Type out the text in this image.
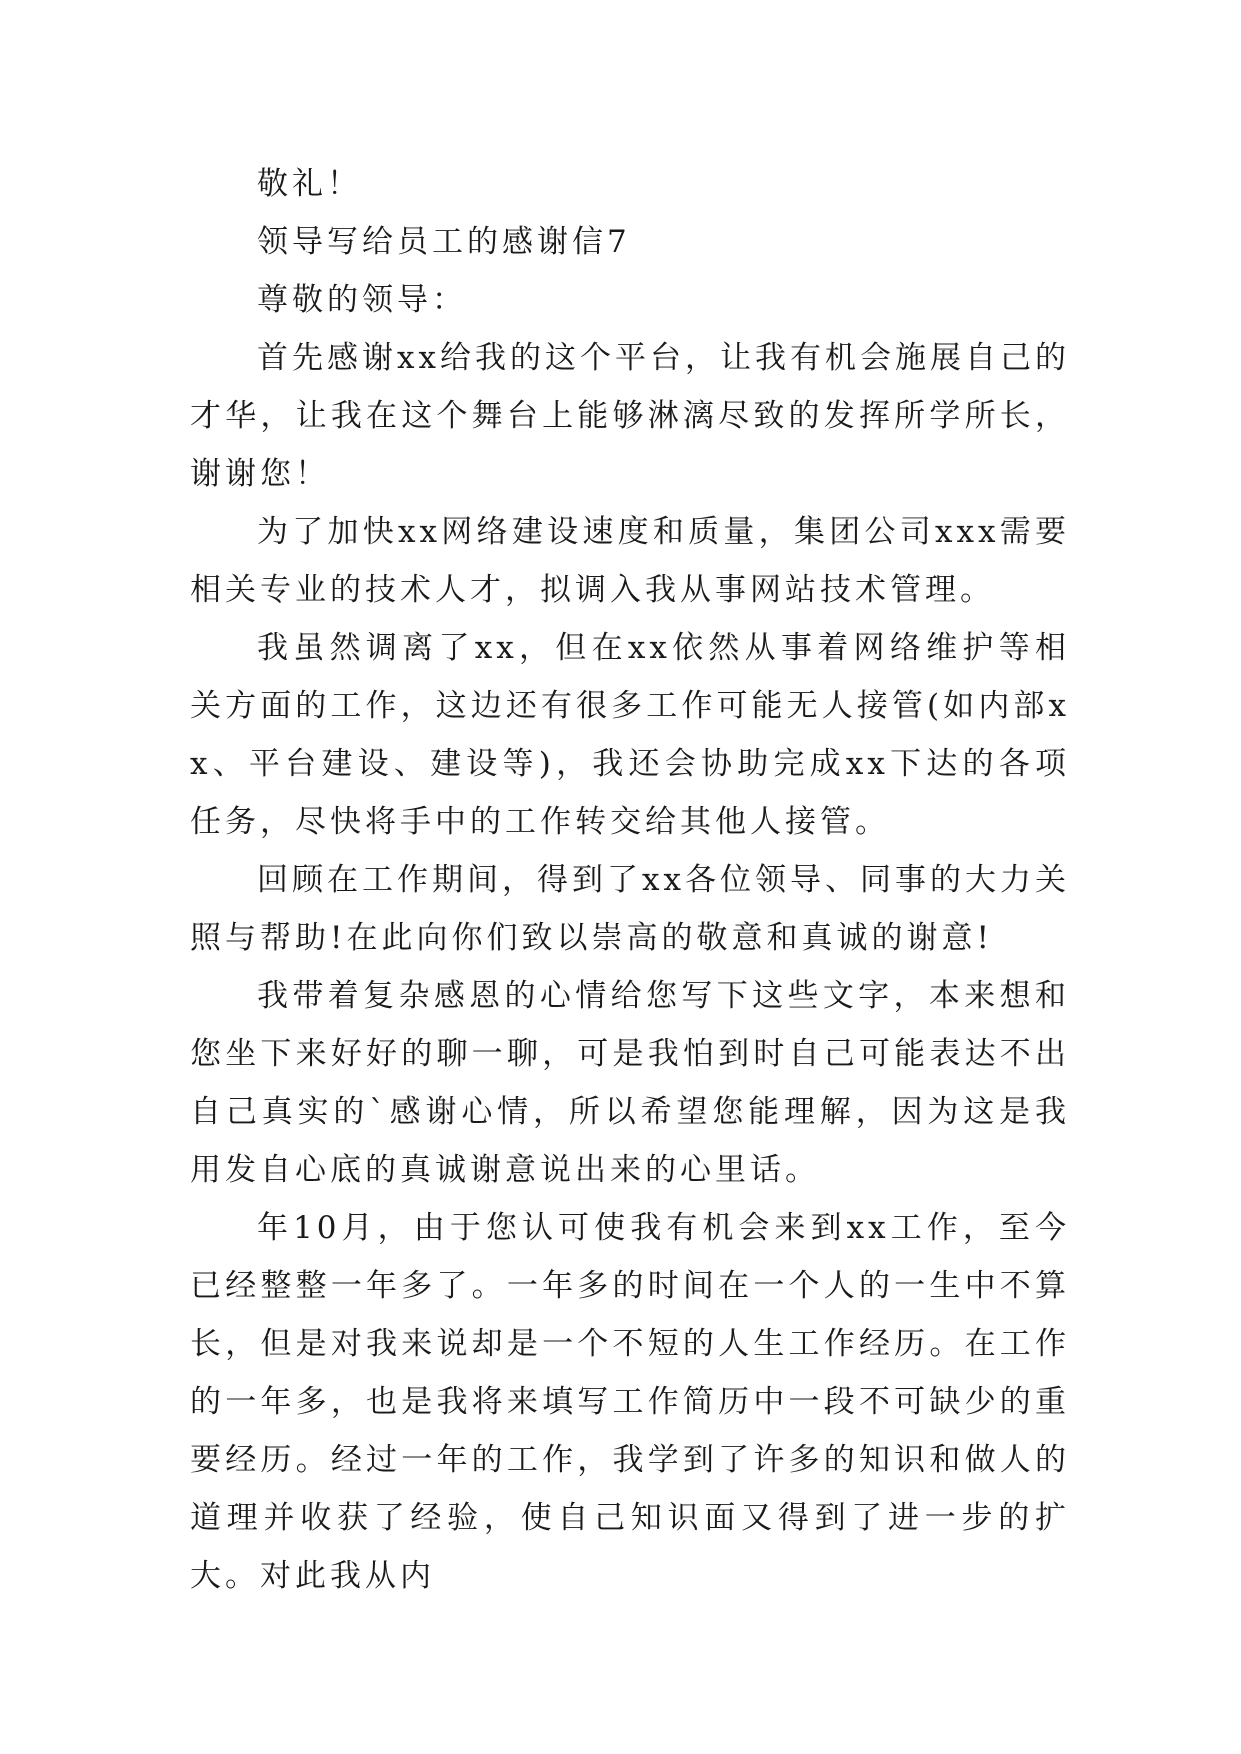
敬礼！

领导写给员工的感谢信7

尊敬的领导：

首先感谢xx给我的这个平台，让我有机会施展自己的才华，让我在这个舞台上能够淋漓尽致的发挥所学所长，谢谢您！

为了加快xx网络建设速度和质量，集团公司xxx需要相关专业的技术人才，拟调入我从事网站技术管理。

我虽然调离了xx，但在xx依然从事着网络维护等相关方面的工作，这边还有很多工作可能无人接管(如内部xx、平台建设、建设等)，我还会协助完成xx下达的各项任务，尽快将手中的工作转交给其他人接管。

回顾在工作期间，得到了xx各位领导、同事的大力关照与帮助!在此向你们致以崇高的敬意和真诚的谢意!

我带着复杂感恩的心情给您写下这些文字，本来想和您坐下来好好的聊一聊，可是我怕到时自己可能表达不出自己真实的`感谢心情，所以希望您能理解，因为这是我用发自心底的真诚谢意说出来的心里话。

年10月，由于您认可使我有机会来到xx工作，至今已经整整一年多了。一年多的时间在一个人的一生中不算长，但是对我来说却是一个不短的人生工作经历。在工作的一年多，也是我将来填写工作简历中一段不可缺少的重要经历。经过一年的工作，我学到了许多的知识和做人的道理并收获了经验，使自己知识面又得到了进一步的扩大。对此我从内
